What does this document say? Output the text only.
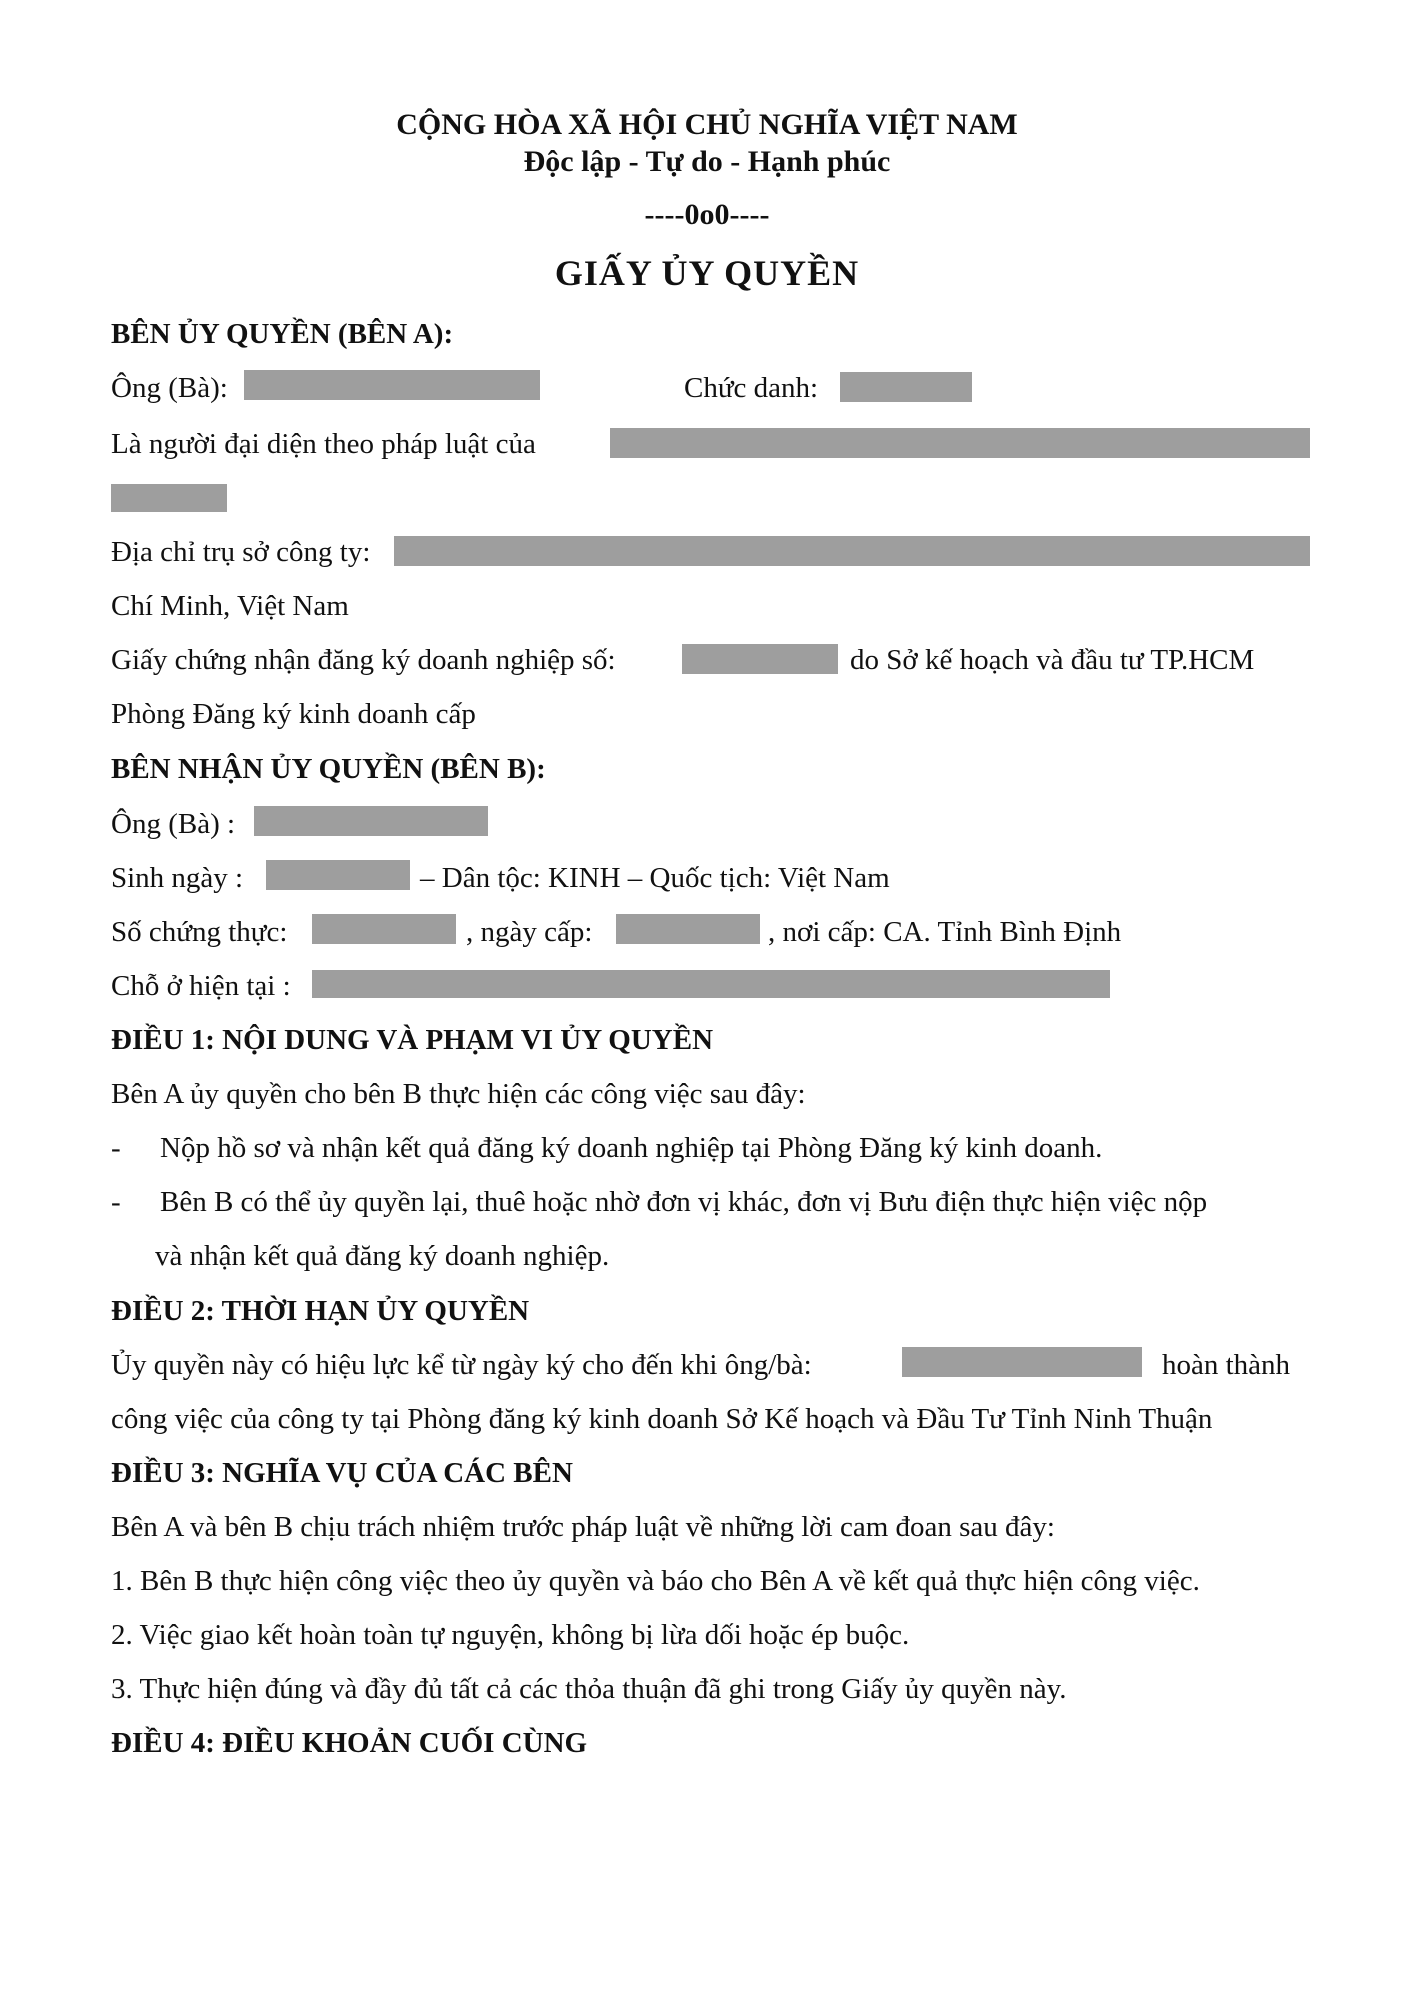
CỘNG HÒA XÃ HỘI CHỦ NGHĨA VIỆT NAM
Độc lập - Tự do - Hạnh phúc
----0o0----
GIẤY ỦY QUYỀN
BÊN ỦY QUYỀN (BÊN A):
Ông (Bà):	Chức danh:
Là người đại diện theo pháp luật của
Địa chỉ trụ sở công ty:
Chí Minh, Việt Nam
Giấy chứng nhận đăng ký doanh nghiệp số:	do Sở kế hoạch và đầu tư TP.HCM
Phòng Đăng ký kinh doanh cấp
BÊN NHẬN ỦY QUYỀN (BÊN B):
Ông (Bà) :
Sinh ngày :	– Dân tộc: KINH – Quốc tịch: Việt Nam
Số chứng thực:	, ngày cấp:	, nơi cấp: CA. Tỉnh Bình Định
Chỗ ở hiện tại :
ĐIỀU 1: NỘI DUNG VÀ PHẠM VI ỦY QUYỀN
Bên A ủy quyền cho bên B thực hiện các công việc sau đây:
- Nộp hồ sơ và nhận kết quả đăng ký doanh nghiệp tại Phòng Đăng ký kinh doanh.
- Bên B có thể ủy quyền lại, thuê hoặc nhờ đơn vị khác, đơn vị Bưu điện thực hiện việc nộp
và nhận kết quả đăng ký doanh nghiệp.
ĐIỀU 2: THỜI HẠN ỦY QUYỀN
Ủy quyền này có hiệu lực kể từ ngày ký cho đến khi ông/bà:	hoàn thành
công việc của công ty tại Phòng đăng ký kinh doanh Sở Kế hoạch và Đầu Tư Tỉnh Ninh Thuận
ĐIỀU 3: NGHĨA VỤ CỦA CÁC BÊN
Bên A và bên B chịu trách nhiệm trước pháp luật về những lời cam đoan sau đây:
1. Bên B thực hiện công việc theo ủy quyền và báo cho Bên A về kết quả thực hiện công việc.
2. Việc giao kết hoàn toàn tự nguyện, không bị lừa dối hoặc ép buộc.
3. Thực hiện đúng và đầy đủ tất cả các thỏa thuận đã ghi trong Giấy ủy quyền này.
ĐIỀU 4: ĐIỀU KHOẢN CUỐI CÙNG
